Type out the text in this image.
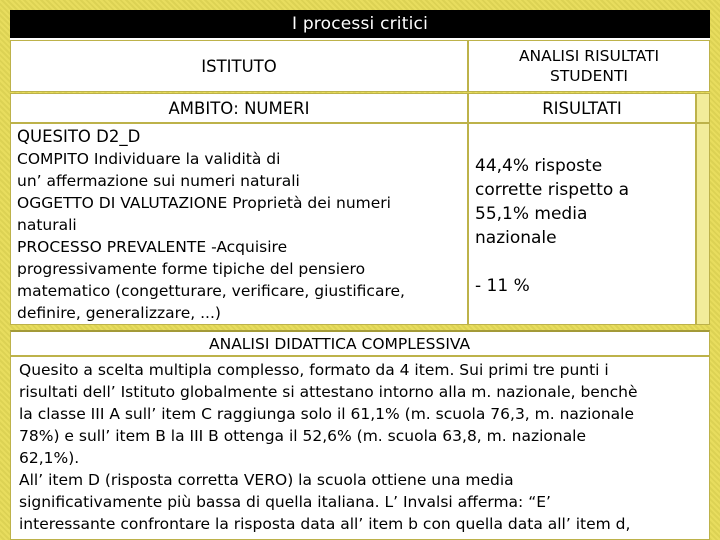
I processi critici
ISTITUTO
ANALISI RISULTATI STUDENTI
AMBITO : NUMERI	RISULTATI
QUESITO D2_D
COMPITO Individuare la validità di
un’ affermazione sui numeri naturali
OGGETTO DI VALUTAZIONE Proprietà dei numeri
naturali
PROCESSO PREVALENTE -Acquisire
progressivamente forme tipiche del pensiero
matematico (congetturare, verificare, giustificare,
definire, generalizzare, ...)
44,4% risposte
corrette rispetto a
55,1% media
nazionale
- 11 %
ANALISI DIDATTICA COMPLESSIVA

Quesito a scelta multipla complesso, formato da 4 item. Sui primi tre punti i

risultati dell’ Istituto globalmente si attestano intorno alla m. nazionale, benchè

la classe III A sull’ item C raggiunga solo il 61,1% (m. scuola 76,3, m. nazionale

78%) e sull’ item B la III B ottenga il 52,6% (m. scuola 63,8, m. nazionale

62,1%).

All’ item D (risposta corretta VERO) la scuola ottiene una media

significativamente più bassa di quella italiana. L’ Invalsi afferma: “E’

interessante confrontare la risposta data all’ item b con quella data all’ item d,
